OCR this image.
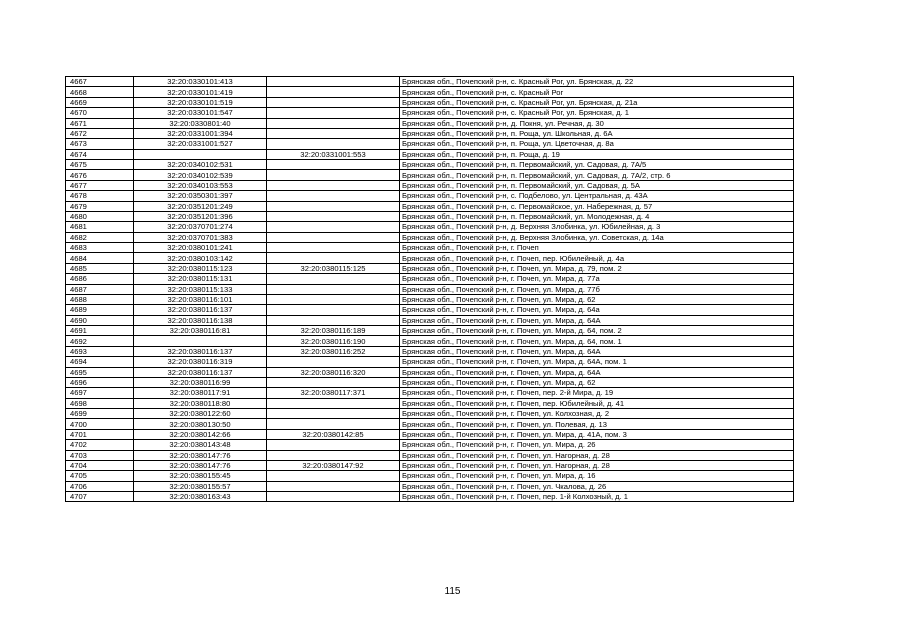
4667	32:20:0330101:413		Брянская обл., Почепский р-н, с. Красный Рог, ул. Брянская, д. 22
4668	32:20:0330101:419		Брянская обл., Почепский р-н, с. Красный Рог
4669	32:20:0330101:519		Брянская обл., Почепский р-н, с. Красный Рог, ул. Брянская, д. 21а
4670	32:20:0330101:547		Брянская обл., Почепский р-н, с. Красный Рог, ул. Брянская, д. 1
4671	32:20:0330801:40		Брянская обл., Почепский р-н, д. Покня, ул. Речная, д. 30
4672	32:20:0331001:394		Брянская обл., Почепский р-н, п. Роща, ул. Школьная, д. 6А
4673	32:20:0331001:527		Брянская обл., Почепский р-н, п. Роща, ул. Цветочная, д. 8а
4674		32:20:0331001:553	Брянская обл., Почепский р-н, п. Роща, д. 19
4675	32:20:0340102:531		Брянская обл., Почепский р-н, п. Первомайский, ул. Садовая, д. 7А/5
4676	32:20:0340102:539		Брянская обл., Почепский р-н, п. Первомайский, ул. Садовая, д. 7А/2, стр. 6
4677	32:20:0340103:553		Брянская обл., Почепский р-н, п. Первомайский, ул. Садовая, д. 5А
4678	32:20:0350301:397		Брянская обл., Почепский р-н, с. Подбелово, ул. Центральная, д. 43А
4679	32:20:0351201:249		Брянская обл., Почепский р-н, с. Первомайское, ул. Набережная, д. 57
4680	32:20:0351201:396		Брянская обл., Почепский р-н, п. Первомайский, ул. Молодежная, д. 4
4681	32:20:0370701:274		Брянская обл., Почепский р-н, д. Верхняя Злобинка, ул. Юбилейная, д. 3
4682	32:20:0370701:383		Брянская обл., Почепский р-н, д. Верхняя Злобинка, ул. Советская, д. 14а
4683	32:20:0380101:241		Брянская обл., Почепский р-н, г. Почеп
4684	32:20:0380103:142		Брянская обл., Почепский р-н, г. Почеп, пер. Юбилейный, д. 4а
4685	32:20:0380115:123	32:20:0380115:125	Брянская обл., Почепский р-н, г. Почеп, ул. Мира, д. 79, пом. 2
4686	32:20:0380115:131		Брянская обл., Почепский р-н, г. Почеп, ул. Мира, д. 77а
4687	32:20:0380115:133		Брянская обл., Почепский р-н, г. Почеп, ул. Мира, д. 77б
4688	32:20:0380116:101		Брянская обл., Почепский р-н, г. Почеп, ул. Мира, д. 62
4689	32:20:0380116:137		Брянская обл., Почепский р-н, г. Почеп, ул. Мира, д. 64а
4690	32:20:0380116:138		Брянская обл., Почепский р-н, г. Почеп, ул. Мира, д. 64А
4691	32:20:0380116:81	32:20:0380116:189	Брянская обл., Почепский р-н, г. Почеп, ул. Мира, д. 64, пом. 2
4692		32:20:0380116:190	Брянская обл., Почепский р-н, г. Почеп, ул. Мира, д. 64, пом. 1
4693	32:20:0380116:137	32:20:0380116:252	Брянская обл., Почепский р-н, г. Почеп, ул. Мира, д. 64А
4694	32:20:0380116:319		Брянская обл., Почепский р-н, г. Почеп, ул. Мира, д. 64А, пом. 1
4695	32:20:0380116:137	32:20:0380116:320	Брянская обл., Почепский р-н, г. Почеп, ул. Мира, д. 64А
4696	32:20:0380116:99		Брянская обл., Почепский р-н, г. Почеп, ул. Мира, д. 62
4697	32:20:0380117:91	32:20:0380117:371	Брянская обл., Почепский р-н, г. Почеп, пер. 2-й Мира, д. 19
4698	32:20:0380118:80		Брянская обл., Почепский р-н, г. Почеп, пер. Юбилейный, д. 41
4699	32:20:0380122:60		Брянская обл., Почепский р-н, г. Почеп, ул. Колхозная, д. 2
4700	32:20:0380130:50		Брянская обл., Почепский р-н, г. Почеп, ул. Полевая, д. 13
4701	32:20:0380142:66	32:20:0380142:85	Брянская обл., Почепский р-н, г. Почеп, ул. Мира, д. 41А, пом. 3
4702	32:20:0380143:48		Брянская обл., Почепский р-н, г. Почеп, ул. Мира, д. 26
4703	32:20:0380147:76		Брянская обл., Почепский р-н, г. Почеп, ул. Нагорная, д. 28
4704	32:20:0380147:76	32:20:0380147:92	Брянская обл., Почепский р-н, г. Почеп, ул. Нагорная, д. 28
4705	32:20:0380155:45		Брянская обл., Почепский р-н, г. Почеп, ул. Мира, д. 16
4706	32:20:0380155:57		Брянская обл., Почепский р-н, г. Почеп, ул. Чкалова, д. 26
4707	32:20:0380163:43		Брянская обл., Почепский р-н, г. Почеп, пер. 1-й Колхозный, д. 1
115
